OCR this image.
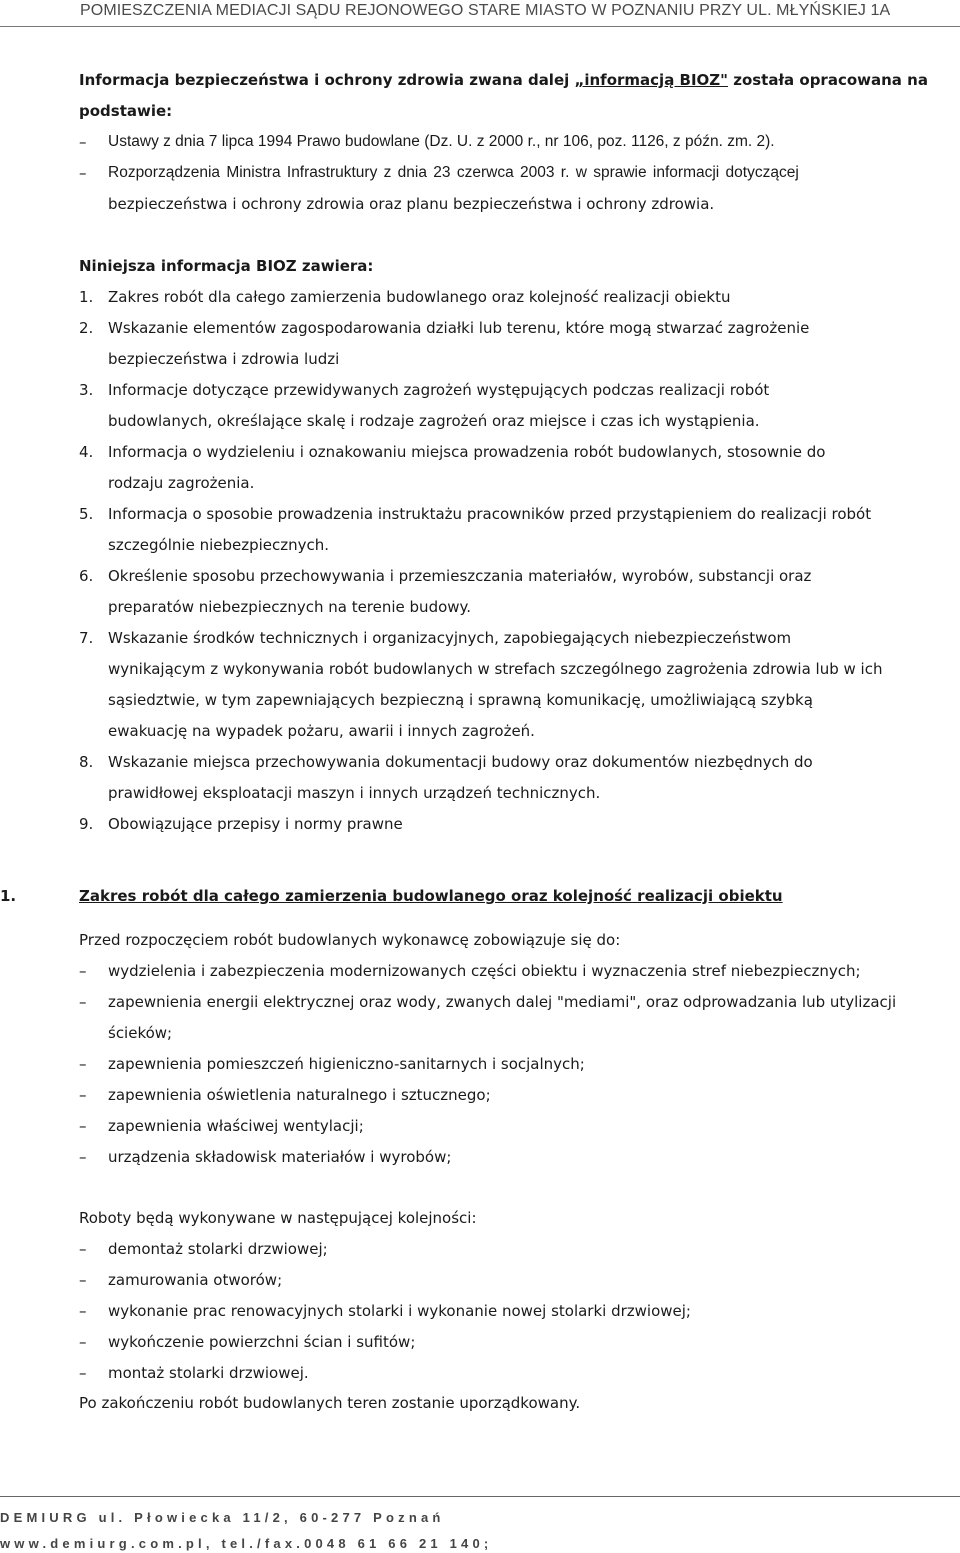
POMIESZCZENIA MEDIACJI SĄDU REJONOWEGO STARE MIASTO W POZNANIU PRZY UL. MŁYŃSKIEJ 1A
Informacja bezpieczeństwa i ochrony zdrowia zwana dalej „informacją BIOZ" została opracowana na
podstawie:
– Ustawy z dnia 7 lipca 1994 Prawo budowlane (Dz. U. z 2000 r., nr 106, poz. 1126, z późn. zm. 2).
– Rozporządzenia Ministra Infrastruktury z dnia 23 czerwca 2003 r. w sprawie informacji dotyczącej
bezpieczeństwa i ochrony zdrowia oraz planu bezpieczeństwa i ochrony zdrowia.
Niniejsza informacja BIOZ zawiera:
1. Zakres robót dla całego zamierzenia budowlanego oraz kolejność realizacji obiektu
2. Wskazanie elementów zagospodarowania działki lub terenu, które mogą stwarzać zagrożenie
bezpieczeństwa i zdrowia ludzi
3. Informacje dotyczące przewidywanych zagrożeń występujących podczas realizacji robót
budowlanych, określające skalę i rodzaje zagrożeń oraz miejsce i czas ich wystąpienia.
4. Informacja o wydzieleniu i oznakowaniu miejsca prowadzenia robót budowlanych, stosownie do
rodzaju zagrożenia.
5. Informacja o sposobie prowadzenia instruktażu pracowników przed przystąpieniem do realizacji robót
szczególnie niebezpiecznych.
6. Określenie sposobu przechowywania i przemieszczania materiałów, wyrobów, substancji oraz
preparatów niebezpiecznych na terenie budowy.
7. Wskazanie środków technicznych i organizacyjnych, zapobiegających niebezpieczeństwom
wynikającym z wykonywania robót budowlanych w strefach szczególnego zagrożenia zdrowia lub w ich
sąsiedztwie, w tym zapewniających bezpieczną i sprawną komunikację, umożliwiającą szybką
ewakuację na wypadek pożaru, awarii i innych zagrożeń.
8. Wskazanie miejsca przechowywania dokumentacji budowy oraz dokumentów niezbędnych do
prawidłowej eksploatacji maszyn i innych urządzeń technicznych.
9. Obowiązujące przepisy i normy prawne
1.	Zakres robót dla całego zamierzenia budowlanego oraz kolejność realizacji obiektu
Przed rozpoczęciem robót budowlanych wykonawcę zobowiązuje się do:
– wydzielenia i zabezpieczenia modernizowanych części obiektu i wyznaczenia stref niebezpiecznych;
– zapewnienia energii elektrycznej oraz wody, zwanych dalej "mediami", oraz odprowadzania lub utylizacji
ścieków;
– zapewnienia pomieszczeń higieniczno-sanitarnych i socjalnych;
– zapewnienia oświetlenia naturalnego i sztucznego;
– zapewnienia właściwej wentylacji;
– urządzenia składowisk materiałów i wyrobów;
Roboty będą wykonywane w następującej kolejności:
– demontaż stolarki drzwiowej;
– zamurowania otworów;
– wykonanie prac renowacyjnych stolarki i wykonanie nowej stolarki drzwiowej;
– wykończenie powierzchni ścian i sufitów;
– montaż stolarki drzwiowej.
Po zakończeniu robót budowlanych teren zostanie uporządkowany.
DEMIURG ul. Płowiecka 11/2, 60-277 Poznań
www.demiurg.com.pl, tel./fax.0048 61 66 21 140;
